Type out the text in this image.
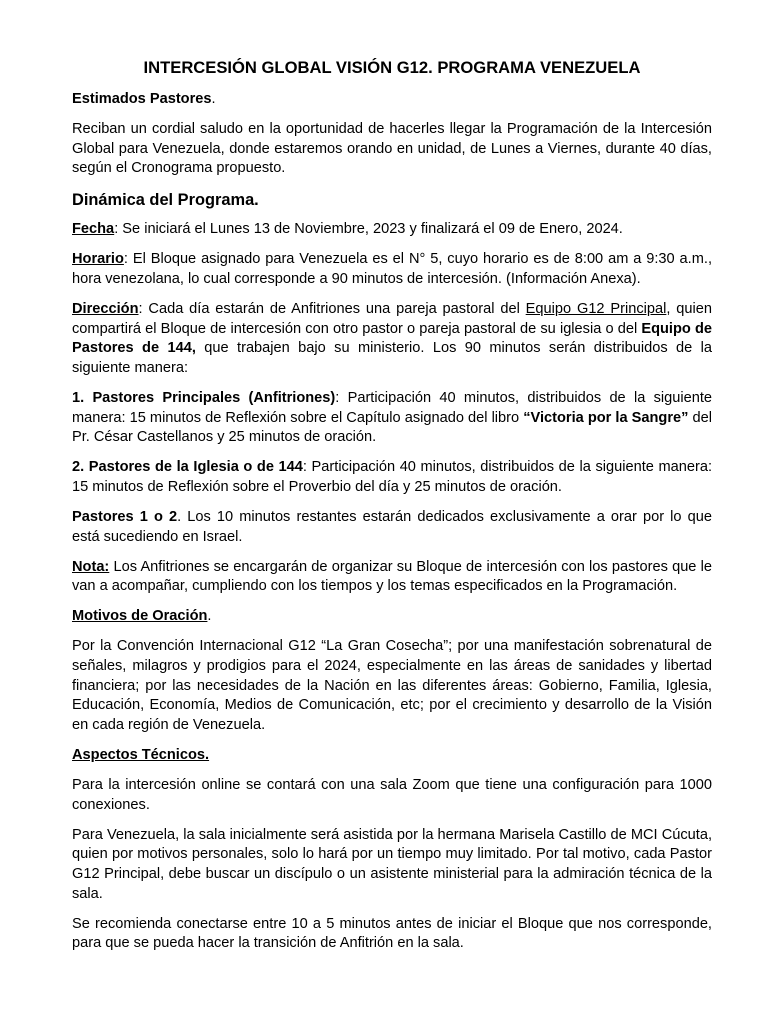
INTERCESIÓN GLOBAL VISIÓN G12. PROGRAMA VENEZUELA

Estimados Pastores.

Reciban un cordial saludo en la oportunidad de hacerles llegar la Programación de la Intercesión Global para Venezuela, donde estaremos orando en unidad, de Lunes a Viernes, durante 40 días, según el Cronograma propuesto.

Dinámica del Programa.

Fecha: Se iniciará el Lunes 13 de Noviembre, 2023 y finalizará el 09 de Enero, 2024.

Horario: El Bloque asignado para Venezuela es el N° 5, cuyo horario es de 8:00 am a 9:30 a.m., hora venezolana, lo cual corresponde a 90 minutos de intercesión. (Información Anexa).

Dirección: Cada día estarán de Anfitriones una pareja pastoral del Equipo G12 Principal, quien compartirá el Bloque de intercesión con otro pastor o pareja pastoral de su iglesia o del Equipo de Pastores de 144, que trabajen bajo su ministerio. Los 90 minutos serán distribuidos de la siguiente manera:

1. Pastores Principales (Anfitriones): Participación 40 minutos, distribuidos de la siguiente manera: 15 minutos de Reflexión sobre el Capítulo asignado del libro “Victoria por la Sangre” del Pr. César Castellanos y 25 minutos de oración.

2. Pastores de la Iglesia o de 144: Participación 40 minutos, distribuidos de la siguiente manera: 15 minutos de Reflexión sobre el Proverbio del día y 25 minutos de oración.

Pastores 1 o 2. Los 10 minutos restantes estarán dedicados exclusivamente a orar por lo que está sucediendo en Israel.

Nota: Los Anfitriones se encargarán de organizar su Bloque de intercesión con los pastores que le van a acompañar, cumpliendo con los tiempos y los temas especificados en la Programación.

Motivos de Oración.

Por la Convención Internacional G12 “La Gran Cosecha”; por una manifestación sobrenatural de señales, milagros y prodigios para el 2024, especialmente en las áreas de sanidades y libertad financiera; por las necesidades de la Nación en las diferentes áreas: Gobierno, Familia, Iglesia, Educación, Economía, Medios de Comunicación, etc; por el crecimiento y desarrollo de la Visión en cada región de Venezuela.

Aspectos Técnicos.

Para la intercesión online se contará con una sala Zoom que tiene una configuración para 1000 conexiones.

Para Venezuela, la sala inicialmente será asistida por la hermana Marisela Castillo de MCI Cúcuta, quien por motivos personales, solo lo hará por un tiempo muy limitado. Por tal motivo, cada Pastor G12 Principal, debe buscar un discípulo o un asistente ministerial para la admiración técnica de la sala.

Se recomienda conectarse entre 10 a 5 minutos antes de iniciar el Bloque que nos corresponde, para que se pueda hacer la transición de Anfitrión en la sala.
